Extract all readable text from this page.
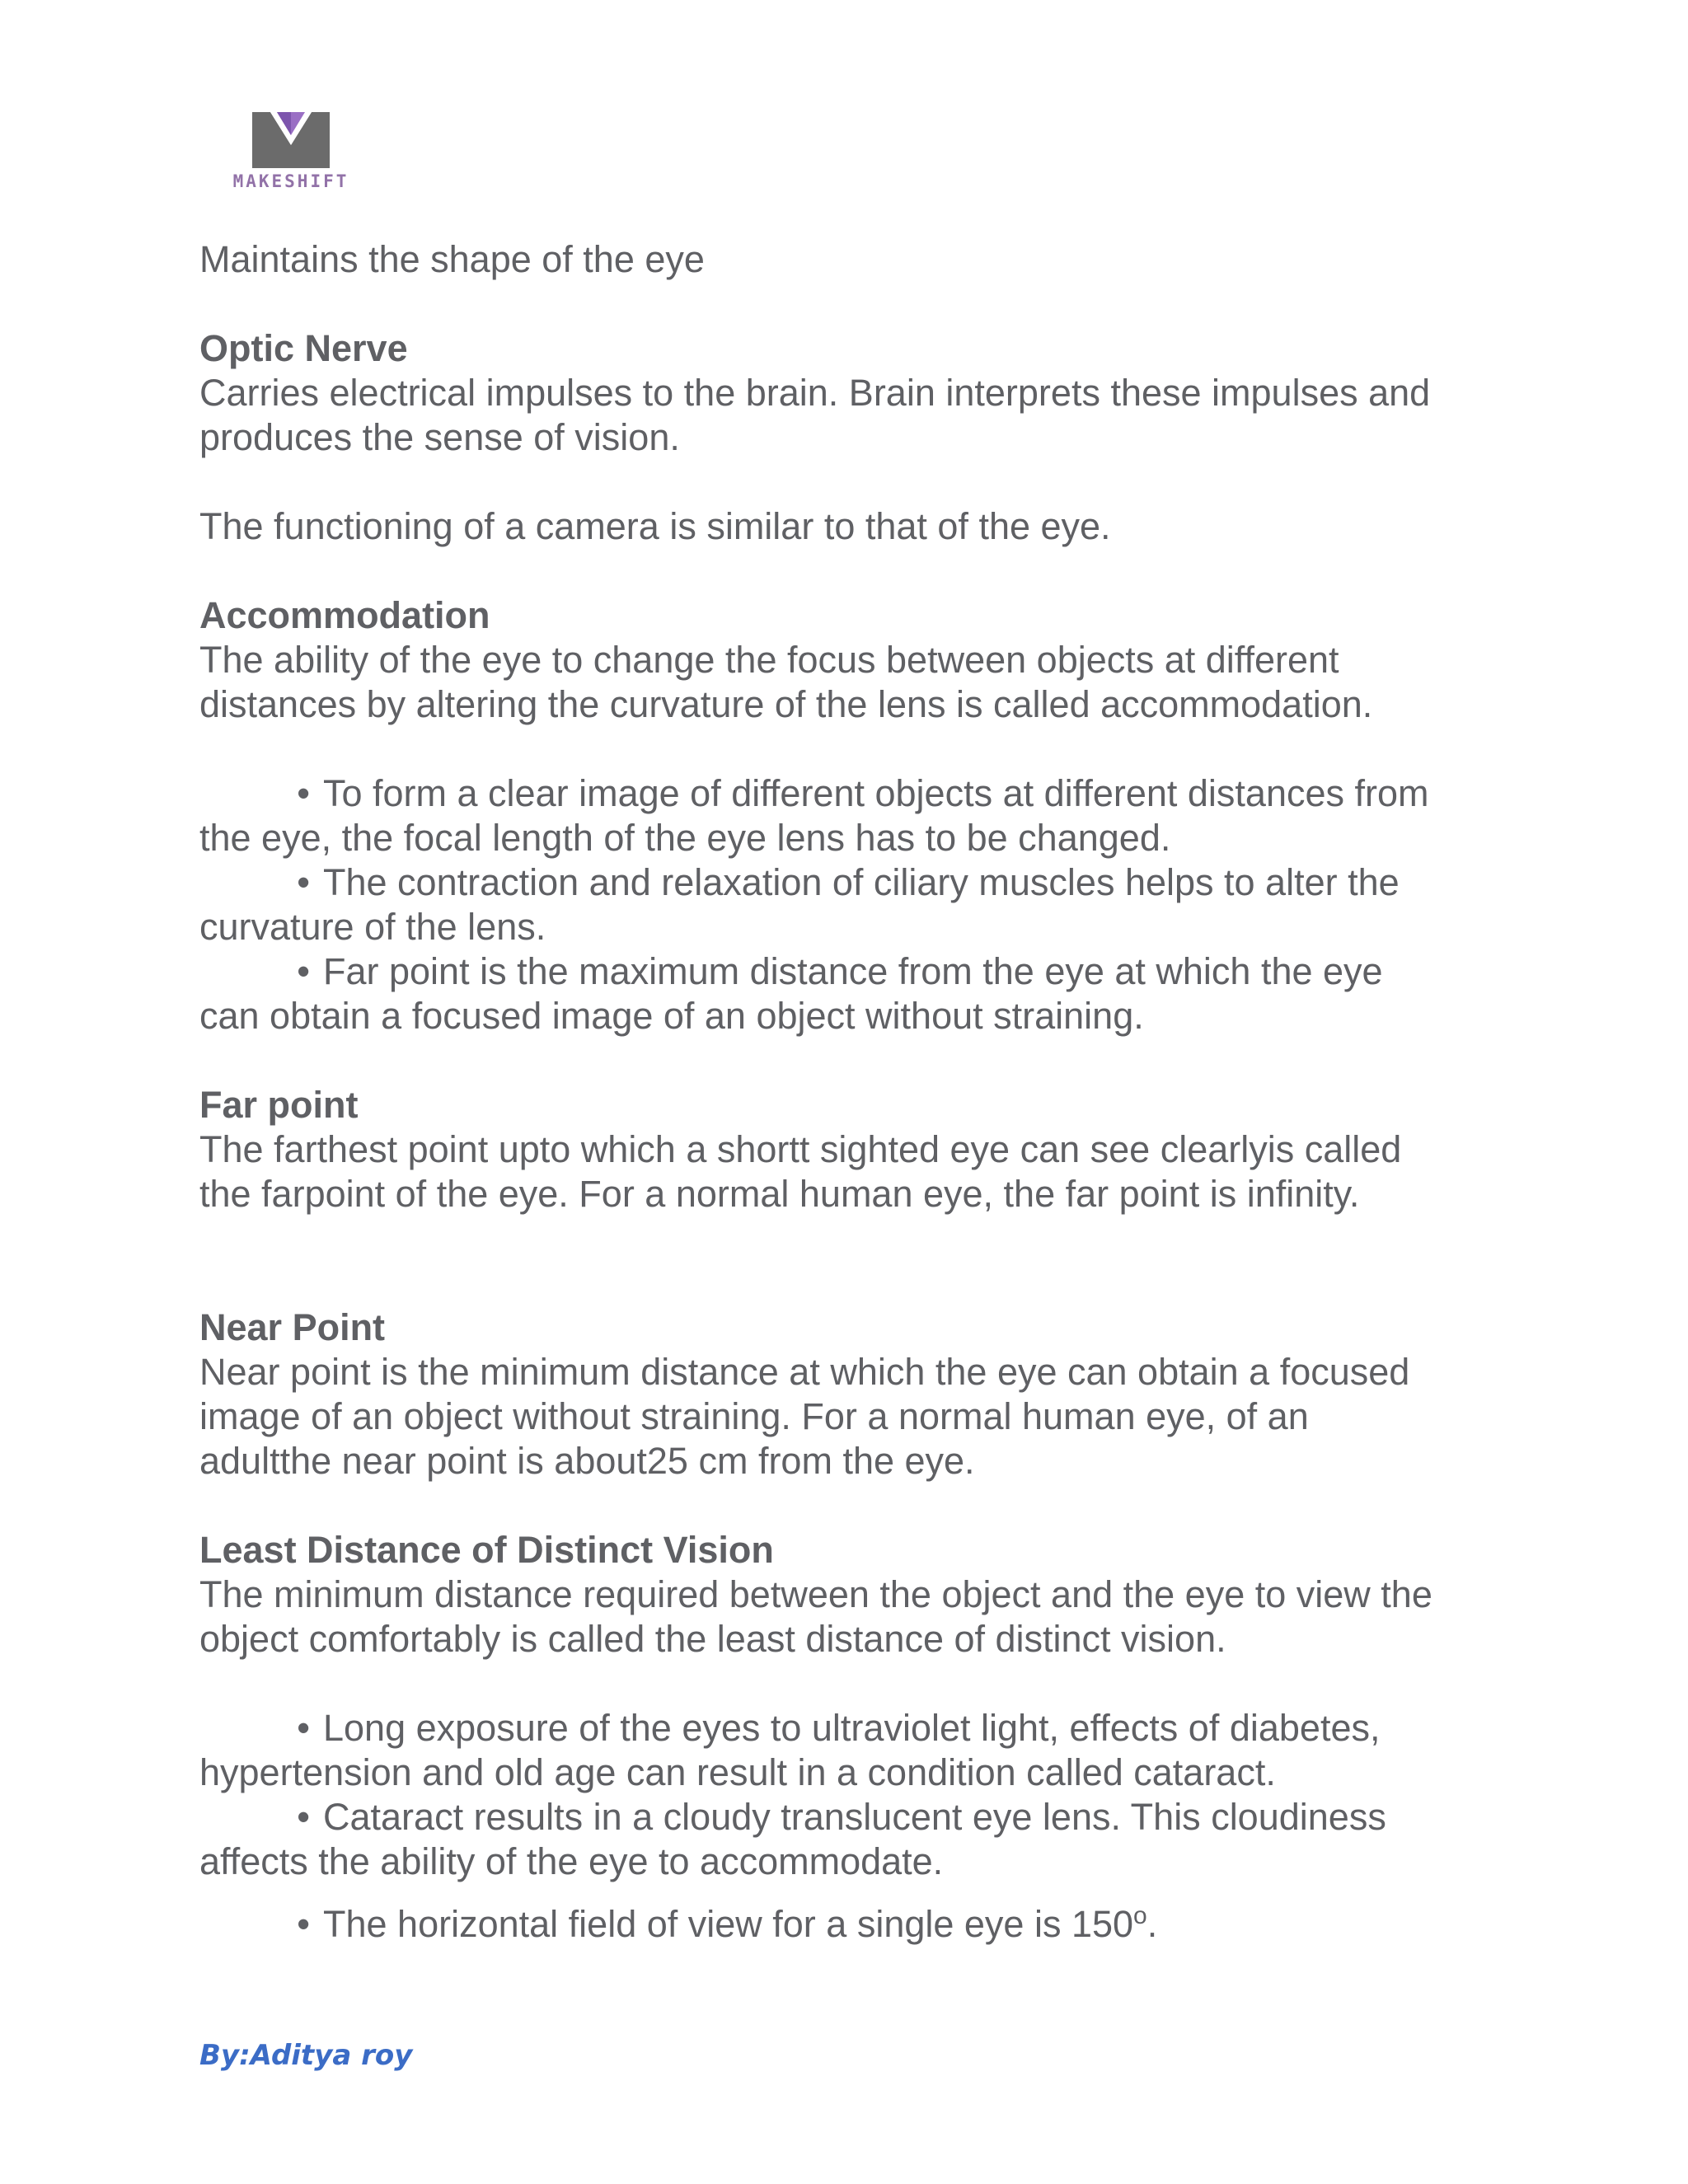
MAKESHIFT

Maintains the shape of the eye

Optic Nerve

Carries electrical impulses to the brain. Brain interprets these impulses and

produces the sense of vision.

The functioning of a camera is similar to that of the eye.

Accommodation

The ability of the eye to change the focus between objects at different

distances by altering the curvature of the lens is called accommodation.

• To form a clear image of different objects at different distances from

the eye, the focal length of the eye lens has to be changed.

• The contraction and relaxation of ciliary muscles helps to alter the

curvature of the lens.

• Far point is the maximum distance from the eye at which the eye

can obtain a focused image of an object without straining.

Far point

The farthest point upto which a shortt sighted eye can see clearlyis called

the farpoint of the eye. For a normal human eye, the far point is infinity.

Near Point

Near point is the minimum distance at which the eye can obtain a focused

image of an object without straining. For a normal human eye, of an

adultthe near point is about25 cm from the eye.

Least Distance of Distinct Vision

The minimum distance required between the object and the eye to view the

object comfortably is called the least distance of distinct vision.

• Long exposure of the eyes to ultraviolet light, effects of diabetes,

hypertension and old age can result in a condition called cataract.

• Cataract results in a cloudy translucent eye lens. This cloudiness

affects the ability of the eye to accommodate.

• The horizontal field of view for a single eye is 150$^o$.

By:Aditya roy
